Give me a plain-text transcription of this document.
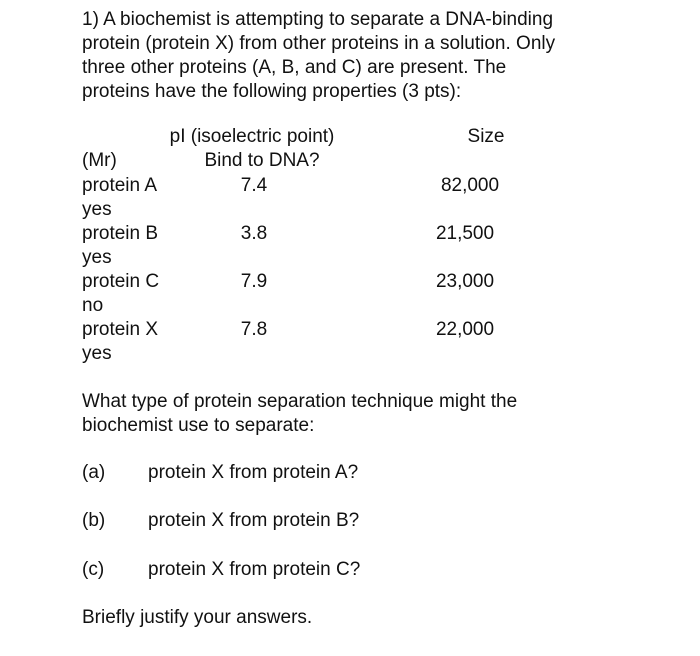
1) A biochemist is attempting to separate a DNA-binding
protein (protein X) from other proteins in a solution. Only
three other proteins (A, B, and C) are present. The
proteins have the following properties (3 pts):
pI (isoelectric point)	Size
(Mr)	Bind to DNA?
protein A	7.4	82,000
yes
protein B	3.8	21,500
yes
protein C	7.9	23,000
no
protein X	7.8	22,000
yes
What type of protein separation technique might the
biochemist use to separate:
(a) protein X from protein A?
(b) protein X from protein B?
(c) protein X from protein C?
Briefly justify your answers.
